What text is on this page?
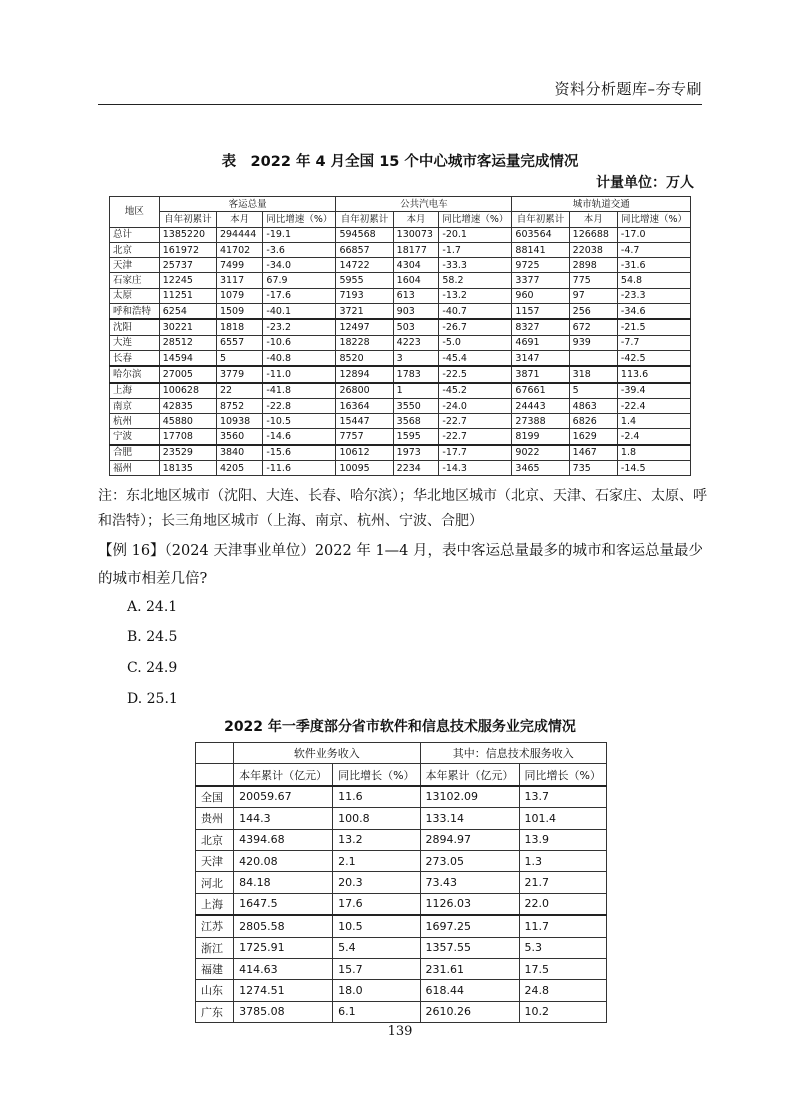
资料分析题库–夯专刷
表　2022 年 4 月全国 15 个中心城市客运量完成情况
计量单位：万人
地区	客运总量			公共汽电车			城市轨道交通		
	自年初累计	本月	同比增速（%）	自年初累计	本月	同比增速（%）	自年初累计	本月	同比增速（%）
总计	1385220	294444	-19.1	594568	130073	-20.1	603564	126688	-17.0
北京	161972	41702	-3.6	66857	18177	-1.7	88141	22038	-4.7
天津	25737	7499	-34.0	14722	4304	-33.3	9725	2898	-31.6
石家庄	12245	3117	67.9	5955	1604	58.2	3377	775	54.8
太原	11251	1079	-17.6	7193	613	-13.2	960	97	-23.3
呼和浩特	6254	1509	-40.1	3721	903	-40.7	1157	256	-34.6
沈阳	30221	1818	-23.2	12497	503	-26.7	8327	672	-21.5
大连	28512	6557	-10.6	18228	4223	-5.0	4691	939	-7.7
长春	14594	5	-40.8	8520	3	-45.4	3147		-42.5
哈尔滨	27005	3779	-11.0	12894	1783	-22.5	3871	318	113.6
上海	100628	22	-41.8	26800	1	-45.2	67661	5	-39.4
南京	42835	8752	-22.8	16364	3550	-24.0	24443	4863	-22.4
杭州	45880	10938	-10.5	15447	3568	-22.7	27388	6826	1.4
宁波	17708	3560	-14.6	7757	1595	-22.7	8199	1629	-2.4
合肥	23529	3840	-15.6	10612	1973	-17.7	9022	1467	1.8
福州	18135	4205	-11.6	10095	2234	-14.3	3465	735	-14.5
注：东北地区城市（沈阳、大连、长春、哈尔滨）；华北地区城市（北京、天津、石家庄、太原、呼和浩特）；长三角地区城市（上海、南京、杭州、宁波、合肥）
【例 16】（2024 天津事业单位）2022 年 1—4 月，表中客运总量最多的城市和客运总量最少的城市相差几倍?
A. 24.1
B. 24.5
C. 24.9
D. 25.1
2022 年一季度部分省市软件和信息技术服务业完成情况
	软件业务收入		其中：信息技术服务收入	
	本年累计（亿元）	同比增长（%）	本年累计（亿元）	同比增长（%）
全国	20059.67	11.6	13102.09	13.7
贵州	144.3	100.8	133.14	101.4
北京	4394.68	13.2	2894.97	13.9
天津	420.08	2.1	273.05	1.3
河北	84.18	20.3	73.43	21.7
上海	1647.5	17.6	1126.03	22.0
江苏	2805.58	10.5	1697.25	11.7
浙江	1725.91	5.4	1357.55	5.3
福建	414.63	15.7	231.61	17.5
山东	1274.51	18.0	618.44	24.8
广东	3785.08	6.1	2610.26	10.2
139
